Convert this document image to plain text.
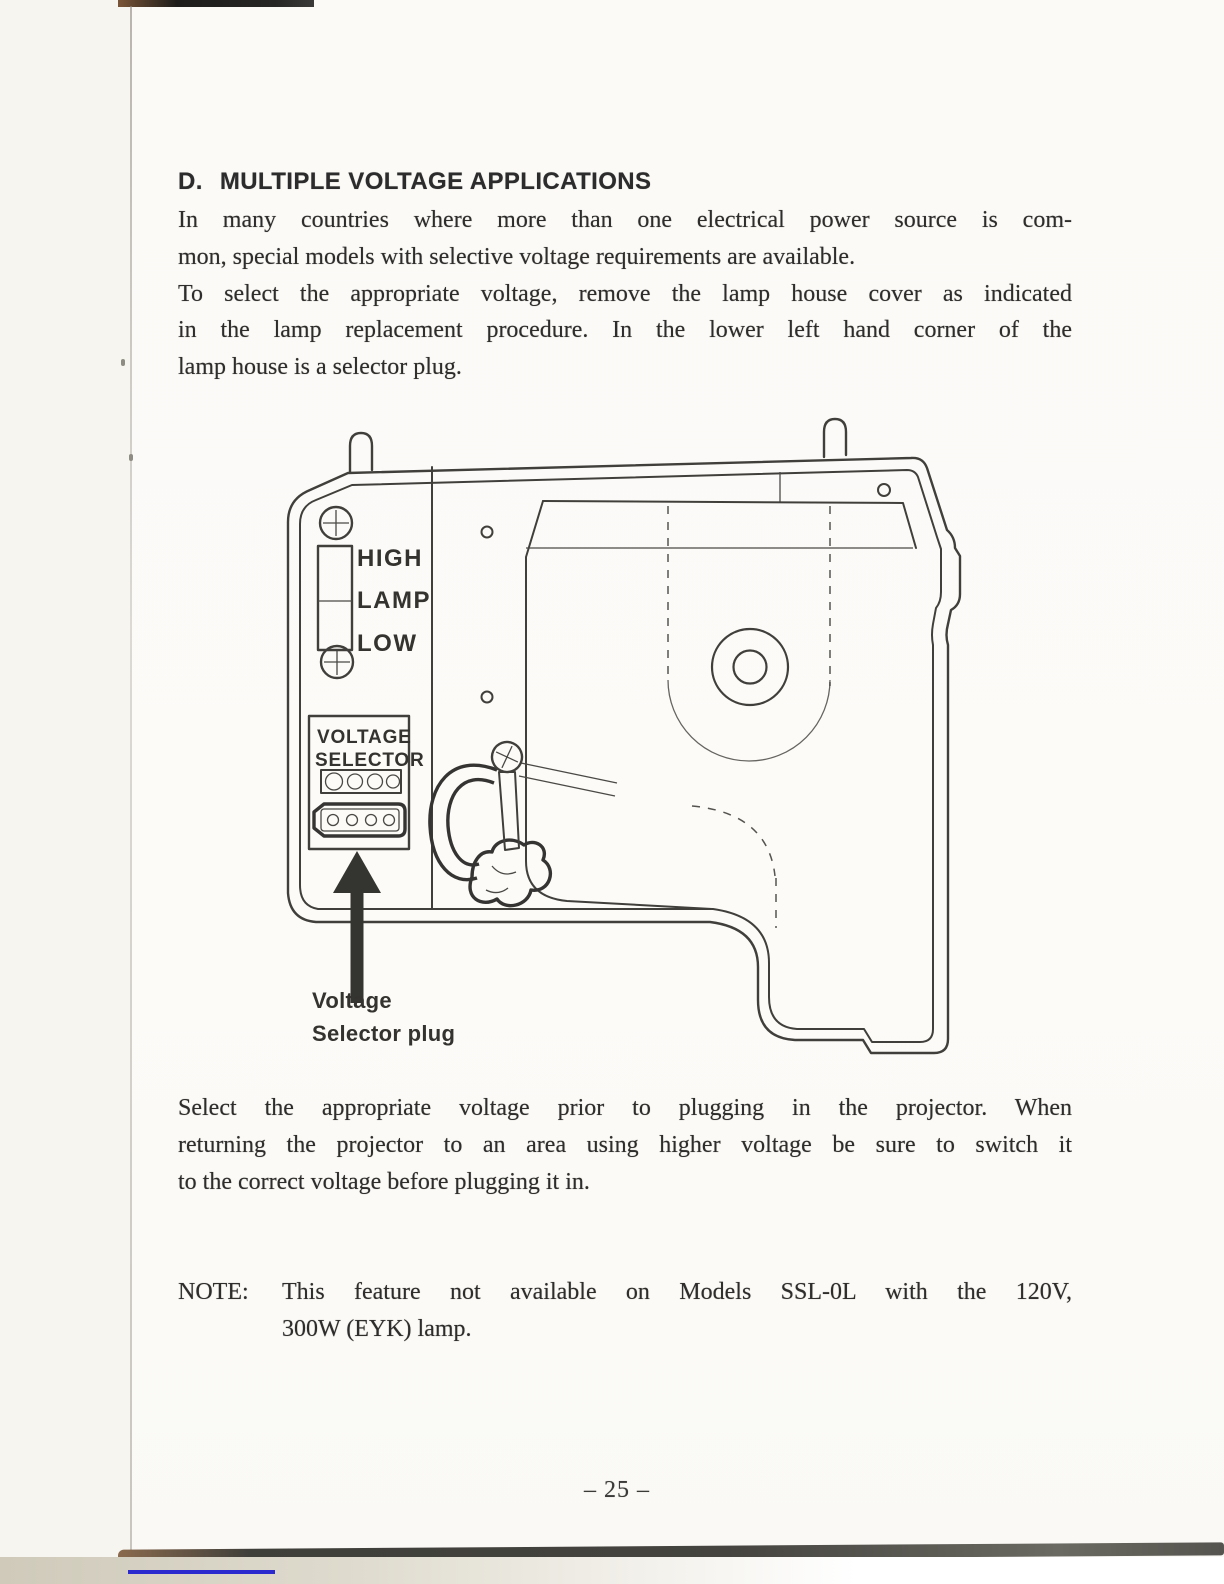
D. MULTIPLE VOLTAGE APPLICATIONS
In many countries where more than one electrical power source is com-
mon, special models with selective voltage requirements are available.
To select the appropriate voltage, remove the lamp house cover as indicated
in the lamp replacement procedure. In the lower left hand corner of the
lamp house is a selector plug.
HIGH
LAMP
LOW
VOLTAGE
SELECTOR
Voltage
Selector plug
Select the appropriate voltage prior to plugging in the projector. When
returning the projector to an area using higher voltage be sure to switch it
to the correct voltage before plugging it in.
NOTE:	This feature not available on Models SSL-0L with the 120V,
300W (EYK) lamp.
– 25 –
